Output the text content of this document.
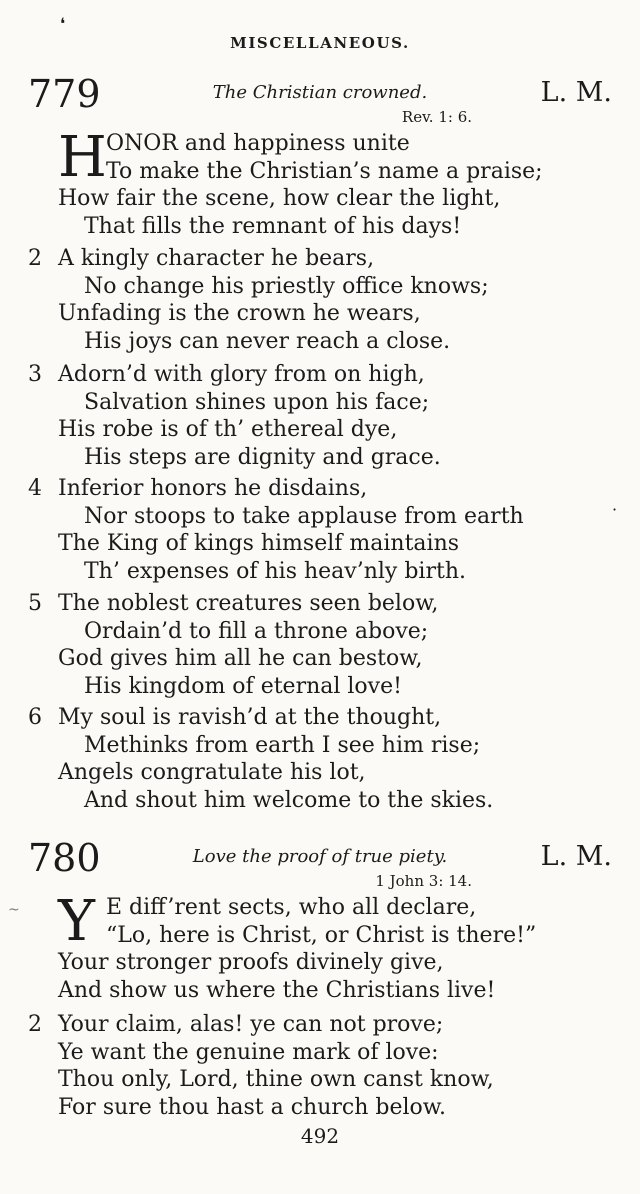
❛
MISCELLANEOUS.
779	The Christian crowned.	L. M.
Rev. 1: 6.
H ONOR and happiness unite
To make the Christian’s name a praise;
How fair the scene, how clear the light,
That fills the remnant of his days!
2 A kingly character he bears,
No change his priestly office knows;
Unfading is the crown he wears,
His joys can never reach a close.
3 Adorn’d with glory from on high,
Salvation shines upon his face;
His robe is of th’ ethereal dye,
His steps are dignity and grace.
4 Inferior honors he disdains,
Nor stoops to take applause from earth
The King of kings himself maintains
Th’ expenses of his heav’nly birth.
·
5 The noblest creatures seen below,
Ordain’d to fill a throne above;
God gives him all he can bestow,
His kingdom of eternal love!
6 My soul is ravish’d at the thought,
Methinks from earth I see him rise;
Angels congratulate his lot,
And shout him welcome to the skies.
780	Love the proof of true piety.	L. M.
1 John 3: 14.
~ Y E diff’rent sects, who all declare,
“Lo, here is Christ, or Christ is there!”
Your stronger proofs divinely give,
And show us where the Christians live!
2 Your claim, alas! ye can not prove;
Ye want the genuine mark of love:
Thou only, Lord, thine own canst know,
For sure thou hast a church below.
492
